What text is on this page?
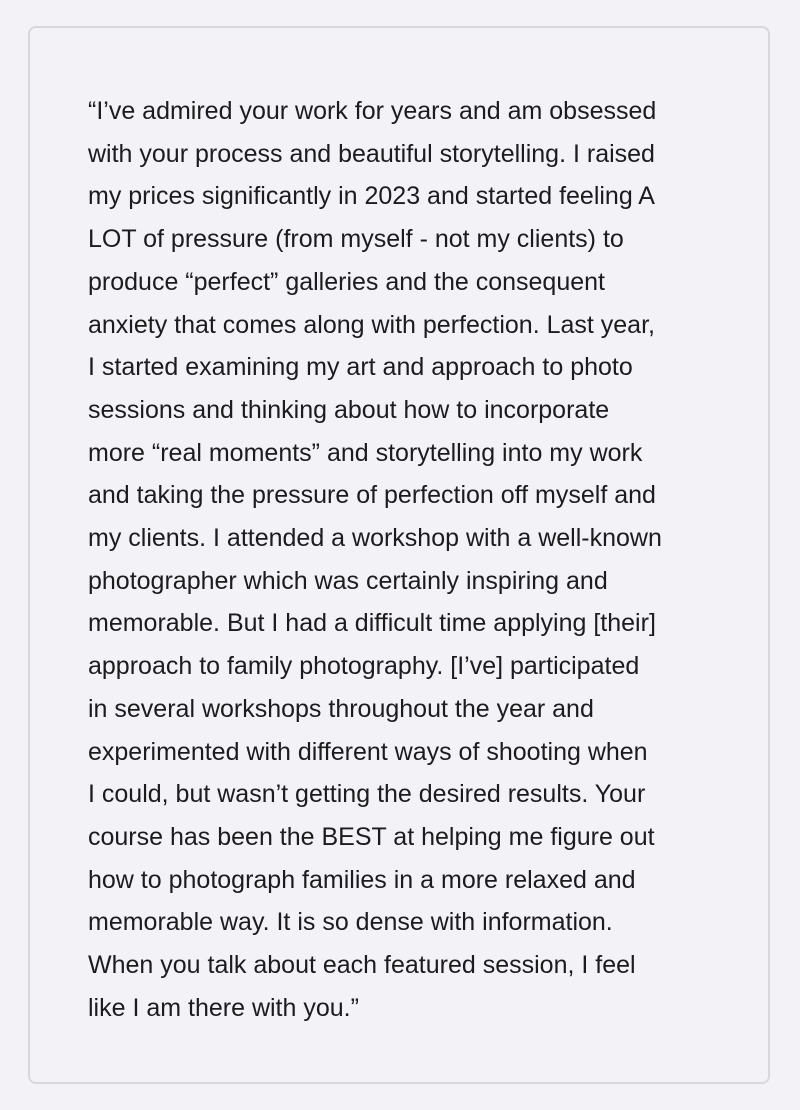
“I’ve admired your work for years and am obsessed
with your process and beautiful storytelling. I raised
my prices significantly in 2023 and started feeling A
LOT of pressure (from myself - not my clients) to
produce “perfect” galleries and the consequent
anxiety that comes along with perfection. Last year,
I started examining my art and approach to photo
sessions and thinking about how to incorporate
more “real moments” and storytelling into my work
and taking the pressure of perfection off myself and
my clients. I attended a workshop with a well-known
photographer which was certainly inspiring and
memorable. But I had a difficult time applying [their]
approach to family photography. [I’ve] participated
in several workshops throughout the year and
experimented with different ways of shooting when
I could, but wasn’t getting the desired results. Your
course has been the BEST at helping me figure out
how to photograph families in a more relaxed and
memorable way. It is so dense with information.
When you talk about each featured session, I feel
like I am there with you.”
